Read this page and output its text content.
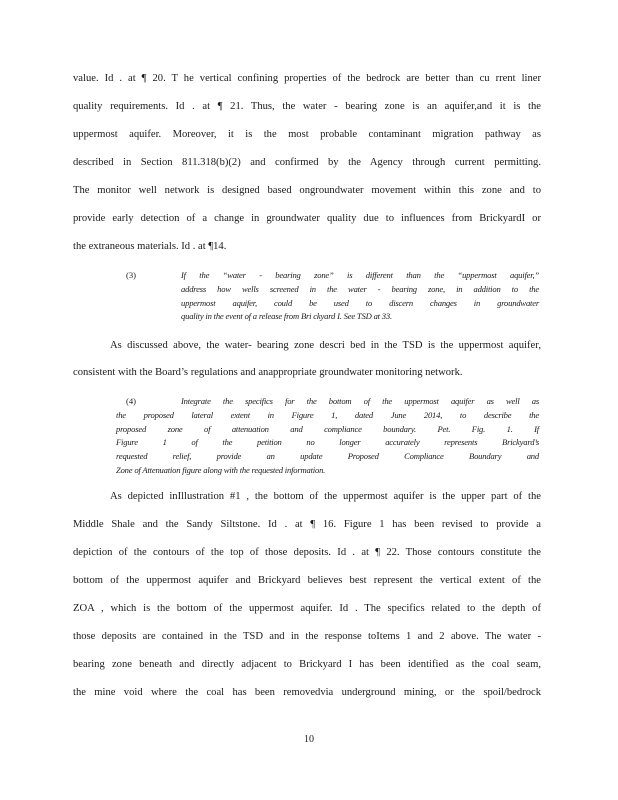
value. Id . at ¶ 20. T he vertical confining properties of the bedrock are better than cu rrent liner
quality requirements. Id . at ¶ 21. Thus, the water - bearing zone is an aquifer,and it is the
uppermost aquifer. Moreover, it is the most probable contaminant migration pathway as
described in Section 811.318(b)(2) and confirmed by the Agency through current permitting.
The monitor well network is designed based ongroundwater movement within this zone and to
provide early detection of a change in groundwater quality due to influences from BrickyardI or
the extraneous materials. Id . at ¶14.
(3)	If the “water - bearing zone” is different than the “uppermost aquifer,”
address how wells screened in the water - bearing zone, in addition to the
uppermost aquifer, could be used to discern changes in groundwater
quality in the event of a release from Bri ckyard I. See TSD at 33.
As discussed above, the water- bearing zone descri bed in the TSD is the uppermost aquifer,
consistent with the Board’s regulations and anappropriate groundwater monitoring network.
(4)	Integrate the specifics for the bottom of the uppermost aquifer as well as
the proposed lateral extent in Figure 1, dated June 2014, to describe the
proposed zone of attenuation and compliance boundary. Pet. Fig. 1. If
Figure 1 of the petition no longer accurately represents Brickyard’s
requested relief, provide an update Proposed Compliance Boundary and
Zone of Attenuation figure along with the requested information.
As depicted inIllustration #1 , the bottom of the uppermost aquifer is the upper part of the
Middle Shale and the Sandy Siltstone. Id . at ¶ 16. Figure 1 has been revised to provide a
depiction of the contours of the top of those deposits. Id . at ¶ 22. Those contours constitute the
bottom of the uppermost aquifer and Brickyard believes best represent the vertical extent of the
ZOA , which is the bottom of the uppermost aquifer. Id . The specifics related to the depth of
those deposits are contained in the TSD and in the response toItems 1 and 2 above. The water -
bearing zone beneath and directly adjacent to Brickyard I has been identified as the coal seam,
the mine void where the coal has been removedvia underground mining, or the spoil/bedrock
10
